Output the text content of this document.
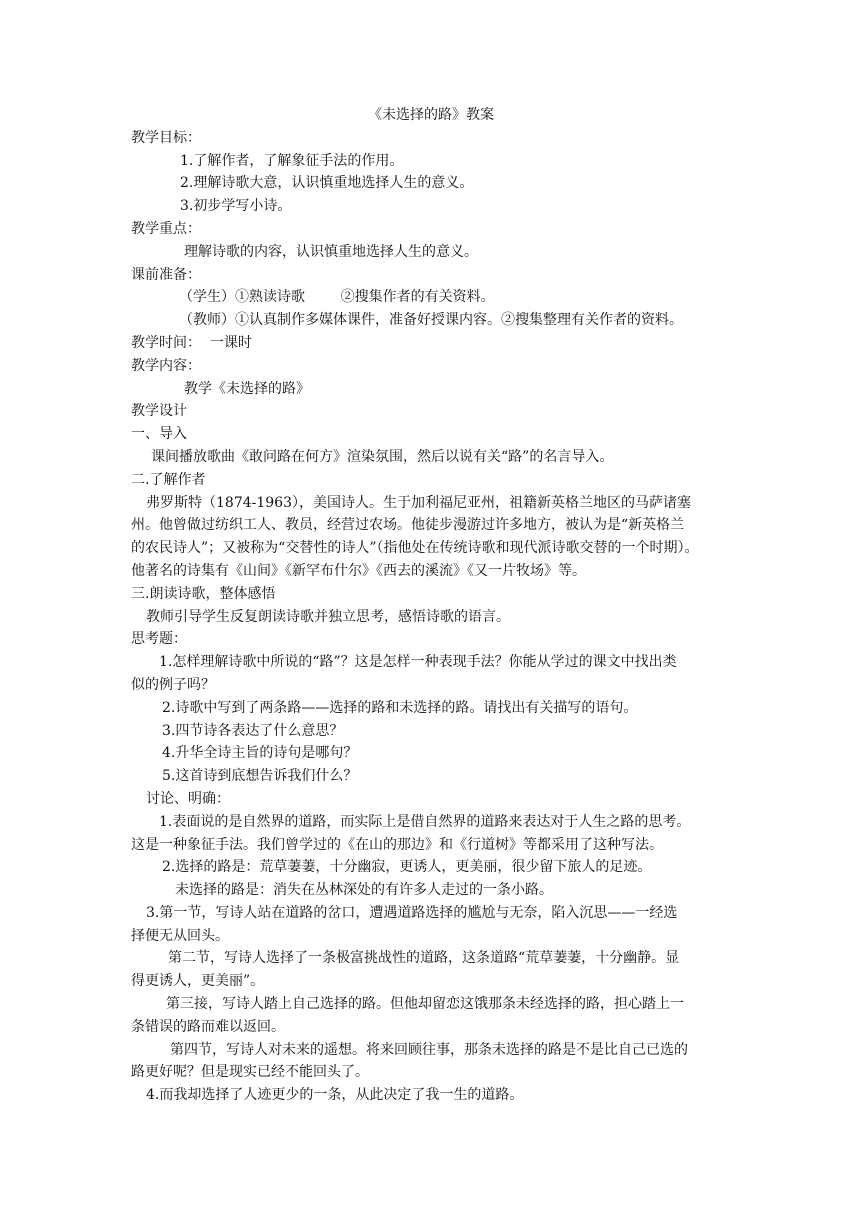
《未选择的路》教案
教学目标：
1.了解作者，了解象征手法的作用。
2.理解诗歌大意，认识慎重地选择人生的意义。
3.初步学写小诗。
教学重点：
理解诗歌的内容，认识慎重地选择人生的意义。
课前准备：
（学生）①熟读诗歌        ②搜集作者的有关资料。
（教师）①认真制作多媒体课件，准备好授课内容。②搜集整理有关作者的资料。
教学时间：  一课时
教学内容：
教学《未选择的路》
教学设计
一、导入
课间播放歌曲《敢问路在何方》渲染氛围，然后以说有关“路”的名言导入。
二.了解作者
弗罗斯特（1874-1963），美国诗人。生于加利福尼亚州，祖籍新英格兰地区的马萨诸塞
州。他曾做过纺织工人、教员，经营过农场。他徒步漫游过许多地方，被认为是“新英格兰
的农民诗人”；又被称为“交替性的诗人”（指他处在传统诗歌和现代派诗歌交替的一个时期）。
他著名的诗集有《山间》《新罕布什尔》《西去的溪流》《又一片牧场》等。
三.朗读诗歌，整体感悟
教师引导学生反复朗读诗歌并独立思考，感悟诗歌的语言。
思考题：
1.怎样理解诗歌中所说的“路”？这是怎样一种表现手法？你能从学过的课文中找出类
似的例子吗？
2.诗歌中写到了两条路——选择的路和未选择的路。请找出有关描写的语句。
3.四节诗各表达了什么意思？
4.升华全诗主旨的诗句是哪句？
5.这首诗到底想告诉我们什么？
讨论、明确：
1.表面说的是自然界的道路，而实际上是借自然界的道路来表达对于人生之路的思考。
这是一种象征手法。我们曾学过的《在山的那边》和《行道树》等都采用了这种写法。
2.选择的路是：荒草萋萋，十分幽寂，更诱人，更美丽，很少留下旅人的足迹。
未选择的路是：消失在丛林深处的有许多人走过的一条小路。
3.第一节，写诗人站在道路的岔口，遭遇道路选择的尴尬与无奈，陷入沉思——一经选
择便无从回头。
第二节，写诗人选择了一条极富挑战性的道路，这条道路“荒草萋萋，十分幽静。显
得更诱人，更美丽”。
第三接，写诗人踏上自己选择的路。但他却留恋这饿那条未经选择的路，担心踏上一
条错误的路而难以返回。
第四节，写诗人对未来的遥想。将来回顾往事，那条未选择的路是不是比自己已选的
路更好呢？但是现实已经不能回头了。
4.而我却选择了人迹更少的一条，从此决定了我一生的道路。
